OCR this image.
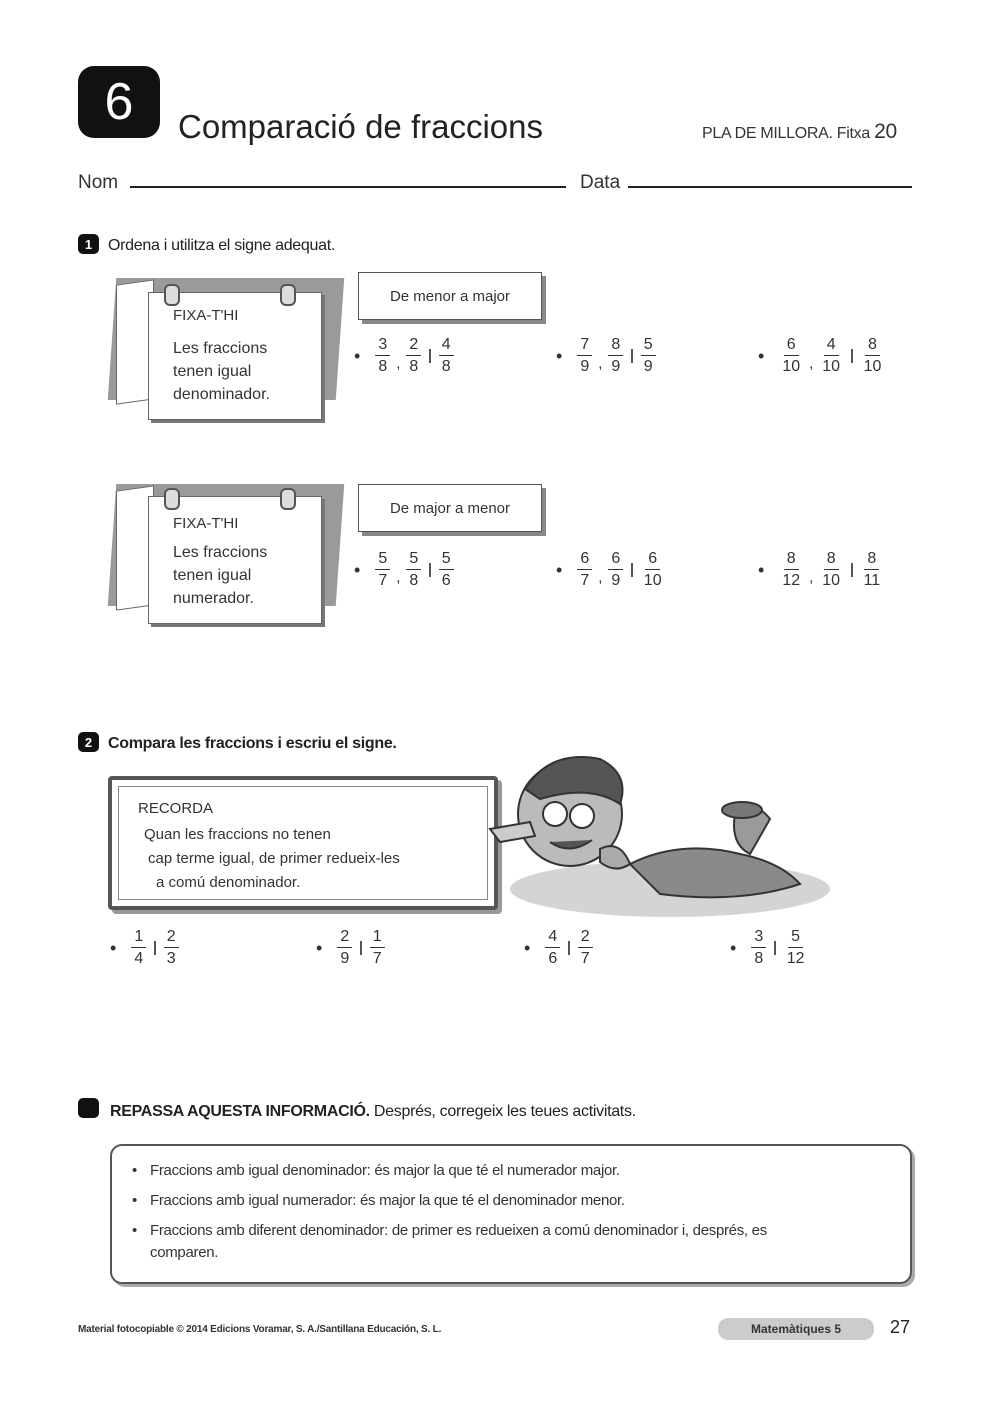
6	Comparació de fraccions	PLA DE MILLORA. Fitxa 20
Nom	Data
1 Ordena i utilitza el signe adequat.
FIXA-T'HI
Les fraccions
tenen igual
denominador.
De menor a major
• $\frac{3}{8}$ , $\frac{2}{8} \frac{4}{8}$	• $\frac{7}{9}$ , $\frac{8}{9} \frac{5}{9}$	• $\frac{6}{10}$ , $\frac{4}{10} \frac{8}{10}$
FIXA-T'HI
Les fraccions
tenen igual
numerador.
De major a menor
• $\frac{5}{7}$ , $\frac{5}{8} \frac{5}{6}$	• $\frac{6}{7}$ , $\frac{6}{9} \frac{6}{10}$	• $\frac{8}{12}$ , $\frac{8}{10} \frac{8}{11}$
2 Compara les fraccions i escriu el signe.
RECORDA
Quan les fraccions no tenen
cap terme igual, de primer redueix-les
a comú denominador.
• $\frac{1}{4} \frac{2}{3}$	• $\frac{2}{9} \frac{1}{7}$	• $\frac{4}{6} \frac{2}{7}$	• $\frac{3}{8} \frac{5}{12}$
REPASSA AQUESTA INFORMACIÓ. Després, corregeix les teues activitats.
• Fraccions amb igual denominador: és major la que té el numerador major.
• Fraccions amb igual numerador: és major la que té el denominador menor.
• Fraccions amb diferent denominador: de primer es redueixen a comú denominador i, després, es comparen.
Material fotocopiable © 2014 Edicions Voramar, S. A./Santillana Educación, S. L.	Matemàtiques 5	27
